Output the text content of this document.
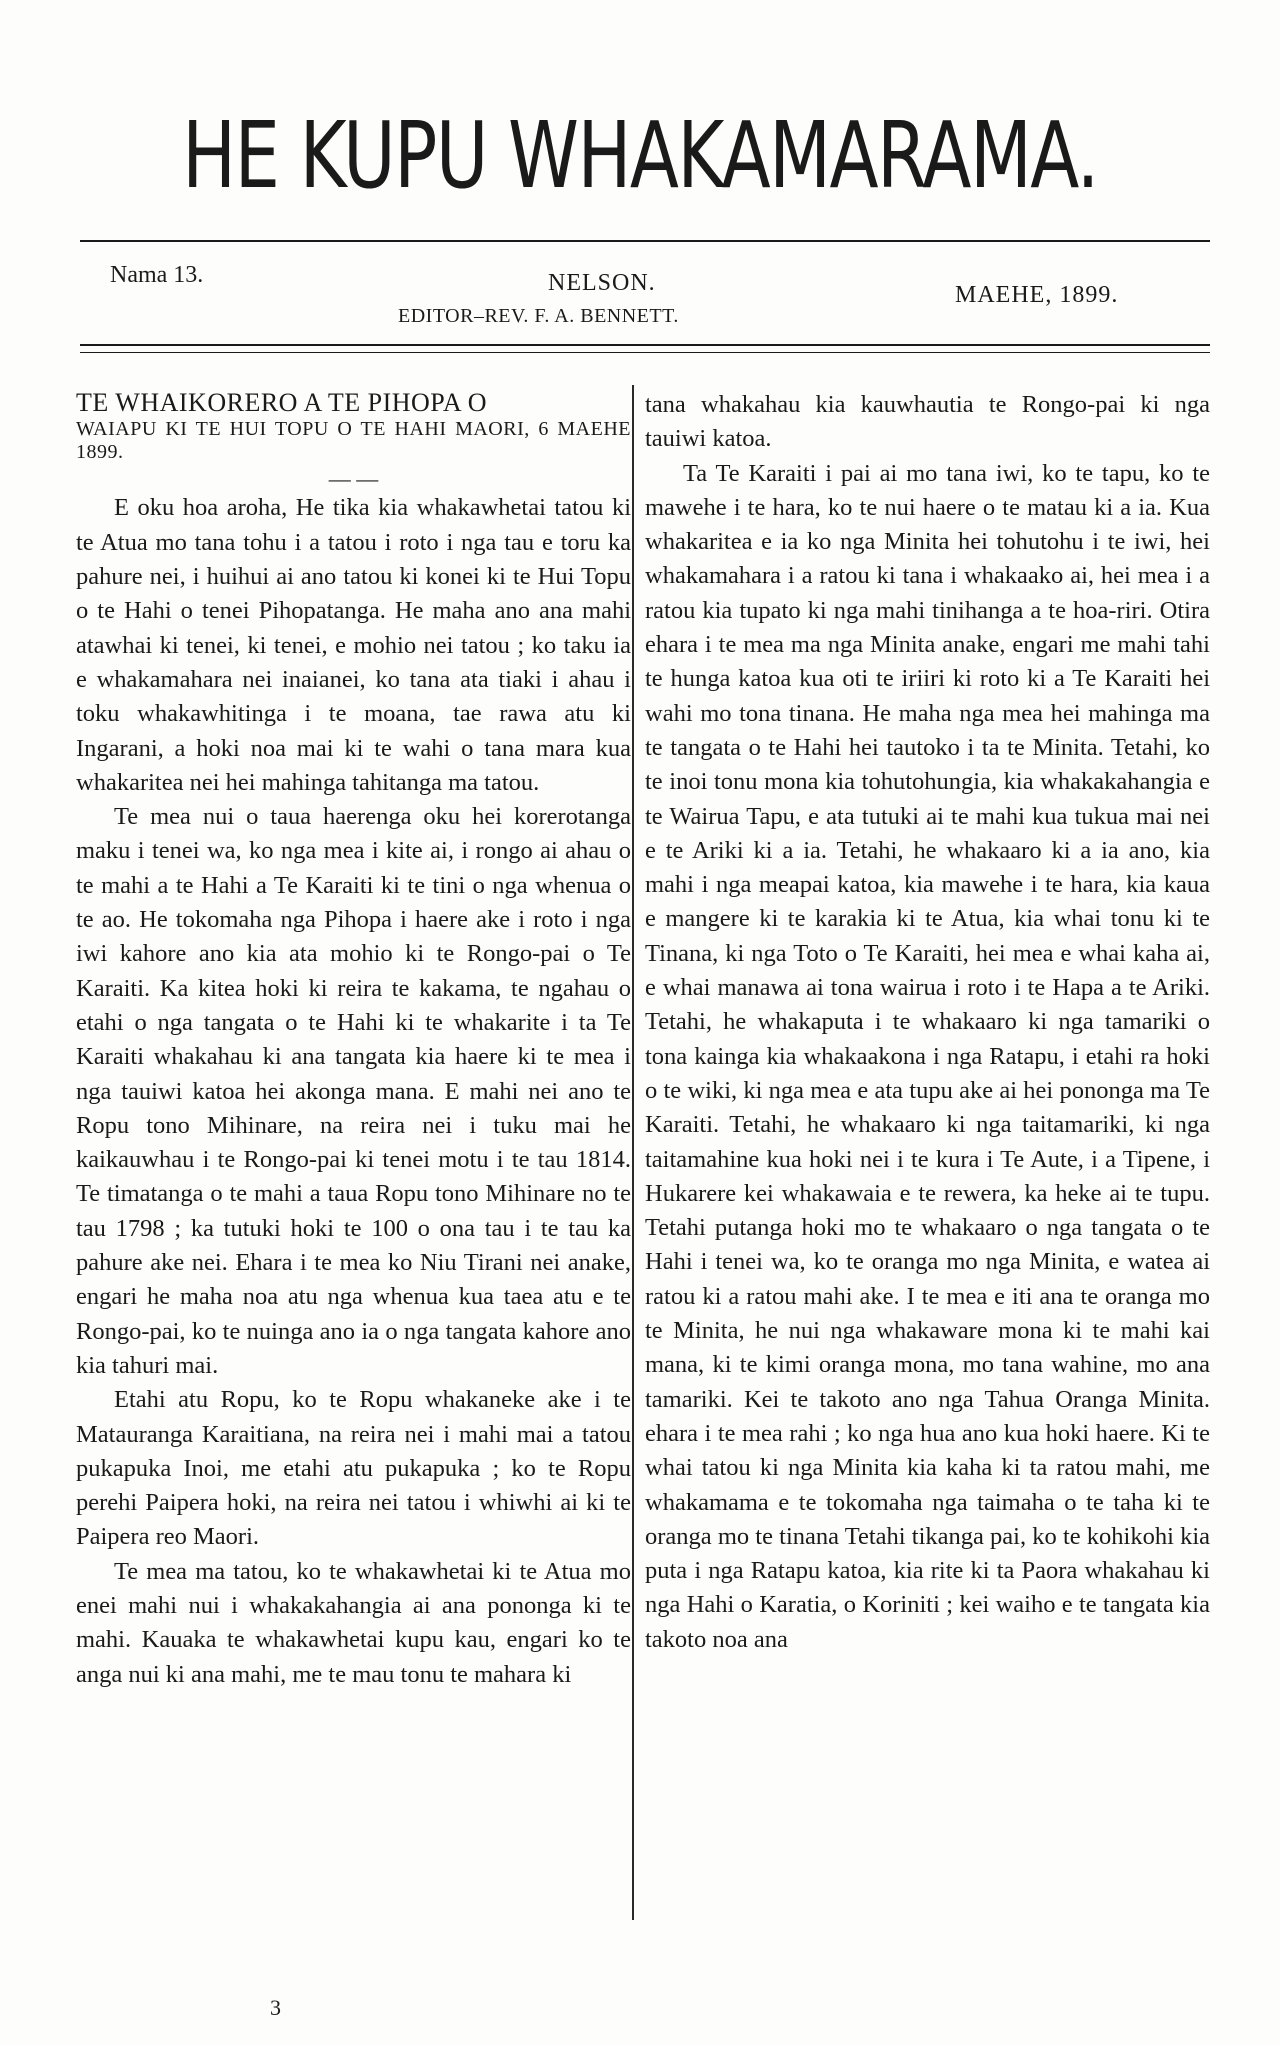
HE KUPU WHAKAMARAMA.
Nama 13.	NELSON.
EDITOR–REV. F. A. BENNETT.
MAEHE, 1899.
TE WHAIKORERO A TE PIHOPA O
WAIAPU KI TE HUI TOPU O TE HAHI MAORI, 6 MAEHE 1899.
— —

E oku hoa aroha, He tika kia whakawhetai tatou ki te Atua mo tana tohu i a tatou i roto i nga tau e toru ka pahure nei, i huihui ai ano tatou ki konei ki te Hui Topu o te Hahi o tenei Pihopatanga. He maha ano ana mahi atawhai ki tenei, ki tenei, e mohio nei tatou ; ko taku ia e whakamahara nei inaianei, ko tana ata tiaki i ahau i toku whakawhitinga i te moana, tae rawa atu ki Ingarani, a hoki noa mai ki te wahi o tana mara kua whakaritea nei hei mahinga tahitanga ma tatou.

Te mea nui o taua haerenga oku hei korerotanga maku i tenei wa, ko nga mea i kite ai, i rongo ai ahau o te mahi a te Hahi a Te Karaiti ki te tini o nga whenua o te ao. He tokomaha nga Pihopa i haere ake i roto i nga iwi kahore ano kia ata mohio ki te Rongo-pai o Te Karaiti. Ka kitea hoki ki reira te kakama, te ngahau o etahi o nga tangata o te Hahi ki te whakarite i ta Te Karaiti whakahau ki ana tangata kia haere ki te mea i nga tauiwi katoa hei akonga mana. E mahi nei ano te Ropu tono Mihinare, na reira nei i tuku mai he kaikauwhau i te Rongo-pai ki tenei motu i te tau 1814. Te timatanga o te mahi a taua Ropu tono Mihinare no te tau 1798 ; ka tutuki hoki te 100 o ona tau i te tau ka pahure ake nei. Ehara i te mea ko Niu Tirani nei anake, engari he maha noa atu nga whenua kua taea atu e te Rongo-pai, ko te nuinga ano ia o nga tangata kahore ano kia tahuri mai.

Etahi atu Ropu, ko te Ropu whakaneke ake i te Matauranga Karaitiana, na reira nei i mahi mai a tatou pukapuka Inoi, me etahi atu pukapuka ; ko te Ropu perehi Paipera hoki, na reira nei tatou i whiwhi ai ki te Paipera reo Maori.

Te mea ma tatou, ko te whakawhetai ki te Atua mo enei mahi nui i whakakahangia ai ana pononga ki te mahi. Kauaka te whakawhetai kupu kau, engari ko te anga nui ki ana mahi, me te mau tonu te mahara ki

tana whakahau kia kauwhautia te Rongo-pai ki nga tauiwi katoa.

Ta Te Karaiti i pai ai mo tana iwi, ko te tapu, ko te mawehe i te hara, ko te nui haere o te matau ki a ia. Kua whakaritea e ia ko nga Minita hei tohutohu i te iwi, hei whakamahara i a ratou ki tana i whakaako ai, hei mea i a ratou kia tupato ki nga mahi tinihanga a te hoa-riri. Otira ehara i te mea ma nga Minita anake, engari me mahi tahi te hunga katoa kua oti te iriiri ki roto ki a Te Karaiti hei wahi mo tona tinana. He maha nga mea hei mahinga ma te tangata o te Hahi hei tautoko i ta te Minita. Tetahi, ko te inoi tonu mona kia tohutohungia, kia whakakahangia e te Wairua Tapu, e ata tutuki ai te mahi kua tukua mai nei e te Ariki ki a ia. Tetahi, he whakaaro ki a ia ano, kia mahi i nga meapai katoa, kia mawehe i te hara, kia kaua e mangere ki te karakia ki te Atua, kia whai tonu ki te Tinana, ki nga Toto o Te Karaiti, hei mea e whai kaha ai, e whai manawa ai tona wairua i roto i te Hapa a te Ariki. Tetahi, he whakaputa i te whakaaro ki nga tamariki o tona kainga kia whakaakona i nga Ratapu, i etahi ra hoki o te wiki, ki nga mea e ata tupu ake ai hei pononga ma Te Karaiti. Tetahi, he whakaaro ki nga taitamariki, ki nga taitamahine kua hoki nei i te kura i Te Aute, i a Tipene, i Hukarere kei whakawaia e te rewera, ka heke ai te tupu. Tetahi putanga hoki mo te whakaaro o nga tangata o te Hahi i tenei wa, ko te oranga mo nga Minita, e watea ai ratou ki a ratou mahi ake. I te mea e iti ana te oranga mo te Minita, he nui nga whakaware mona ki te mahi kai mana, ki te kimi oranga mona, mo tana wahine, mo ana tamariki. Kei te takoto ano nga Tahua Oranga Minita. ehara i te mea rahi ; ko nga hua ano kua hoki haere. Ki te whai tatou ki nga Minita kia kaha ki ta ratou mahi, me whakamama e te tokomaha nga taimaha o te taha ki te oranga mo te tinana Tetahi tikanga pai, ko te kohikohi kia puta i nga Ratapu katoa, kia rite ki ta Paora whakahau ki nga Hahi o Karatia, o Koriniti ; kei waiho e te tangata kia takoto noa ana

3
